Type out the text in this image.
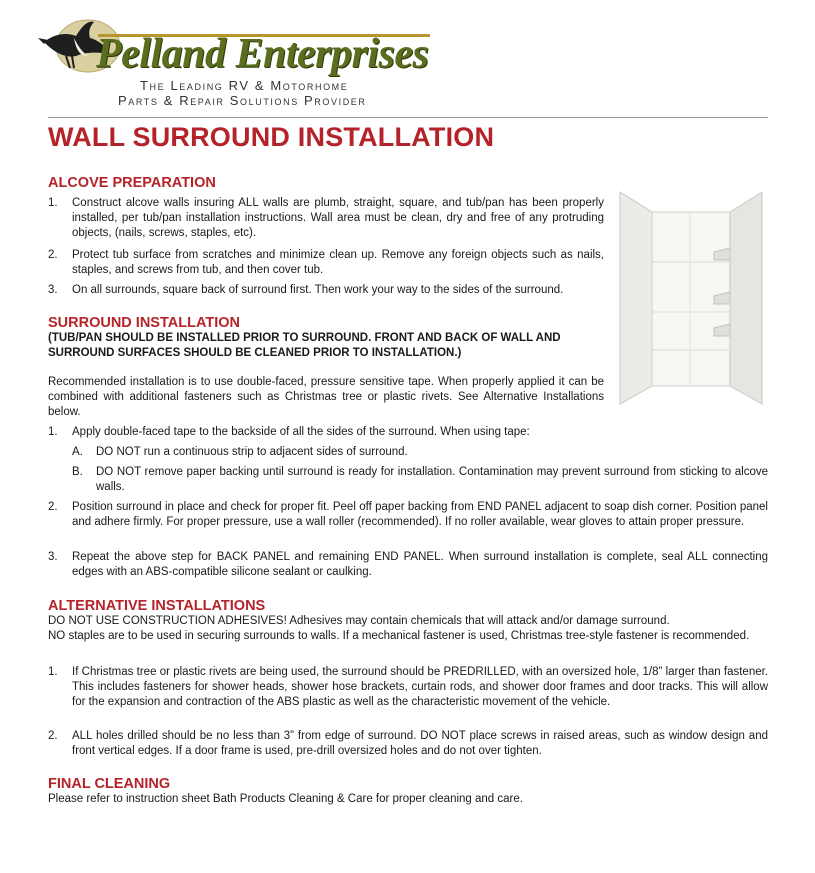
Pelland Enterprises
The Leading RV & Motorhome
Parts & Repair Solutions Provider
WALL SURROUND INSTALLATION
ALCOVE PREPARATION
1. Construct alcove walls insuring ALL walls are plumb, straight, square, and tub/pan has been properly installed, per tub/pan installation instructions. Wall area must be clean, dry and free of any protruding objects, (nails, screws, staples, etc).
2. Protect tub surface from scratches and minimize clean up. Remove any foreign objects such as nails, staples, and screws from tub, and then cover tub.
3. On all surrounds, square back of surround first. Then work your way to the sides of the surround.
SURROUND INSTALLATION
(TUB/PAN SHOULD BE INSTALLED PRIOR TO SURROUND. FRONT AND BACK OF WALL AND SURROUND SURFACES SHOULD BE CLEANED PRIOR TO INSTALLATION.)
Recommended installation is to use double-faced, pressure sensitive tape. When properly applied it can be combined with additional fasteners such as Christmas tree or plastic rivets. See Alternative Installations below.
1. Apply double-faced tape to the backside of all the sides of the surround. When using tape:
A. DO NOT run a continuous strip to adjacent sides of surround.
B. DO NOT remove paper backing until surround is ready for installation. Contamination may prevent surround from sticking to alcove walls.
2. Position surround in place and check for proper fit. Peel off paper backing from END PANEL adjacent to soap dish corner. Position panel and adhere firmly. For proper pressure, use a wall roller (recommended). If no roller available, wear gloves to attain proper pressure.
3. Repeat the above step for BACK PANEL and remaining END PANEL. When surround installation is complete, seal ALL connecting edges with an ABS-compatible silicone sealant or caulking.
ALTERNATIVE INSTALLATIONS
DO NOT USE CONSTRUCTION ADHESIVES! Adhesives may contain chemicals that will attack and/or damage surround.
NO staples are to be used in securing surrounds to walls. If a mechanical fastener is used, Christmas tree-style fastener is recommended.
1. If Christmas tree or plastic rivets are being used, the surround should be PREDRILLED, with an oversized hole, 1/8” larger than fastener. This includes fasteners for shower heads, shower hose brackets, curtain rods, and shower door frames and door tracks. This will allow for the expansion and contraction of the ABS plastic as well as the characteristic movement of the vehicle.
2. ALL holes drilled should be no less than 3” from edge of surround. DO NOT place screws in raised areas, such as window design and front vertical edges. If a door frame is used, pre-drill oversized holes and do not over tighten.
FINAL CLEANING
Please refer to instruction sheet Bath Products Cleaning & Care for proper cleaning and care.
